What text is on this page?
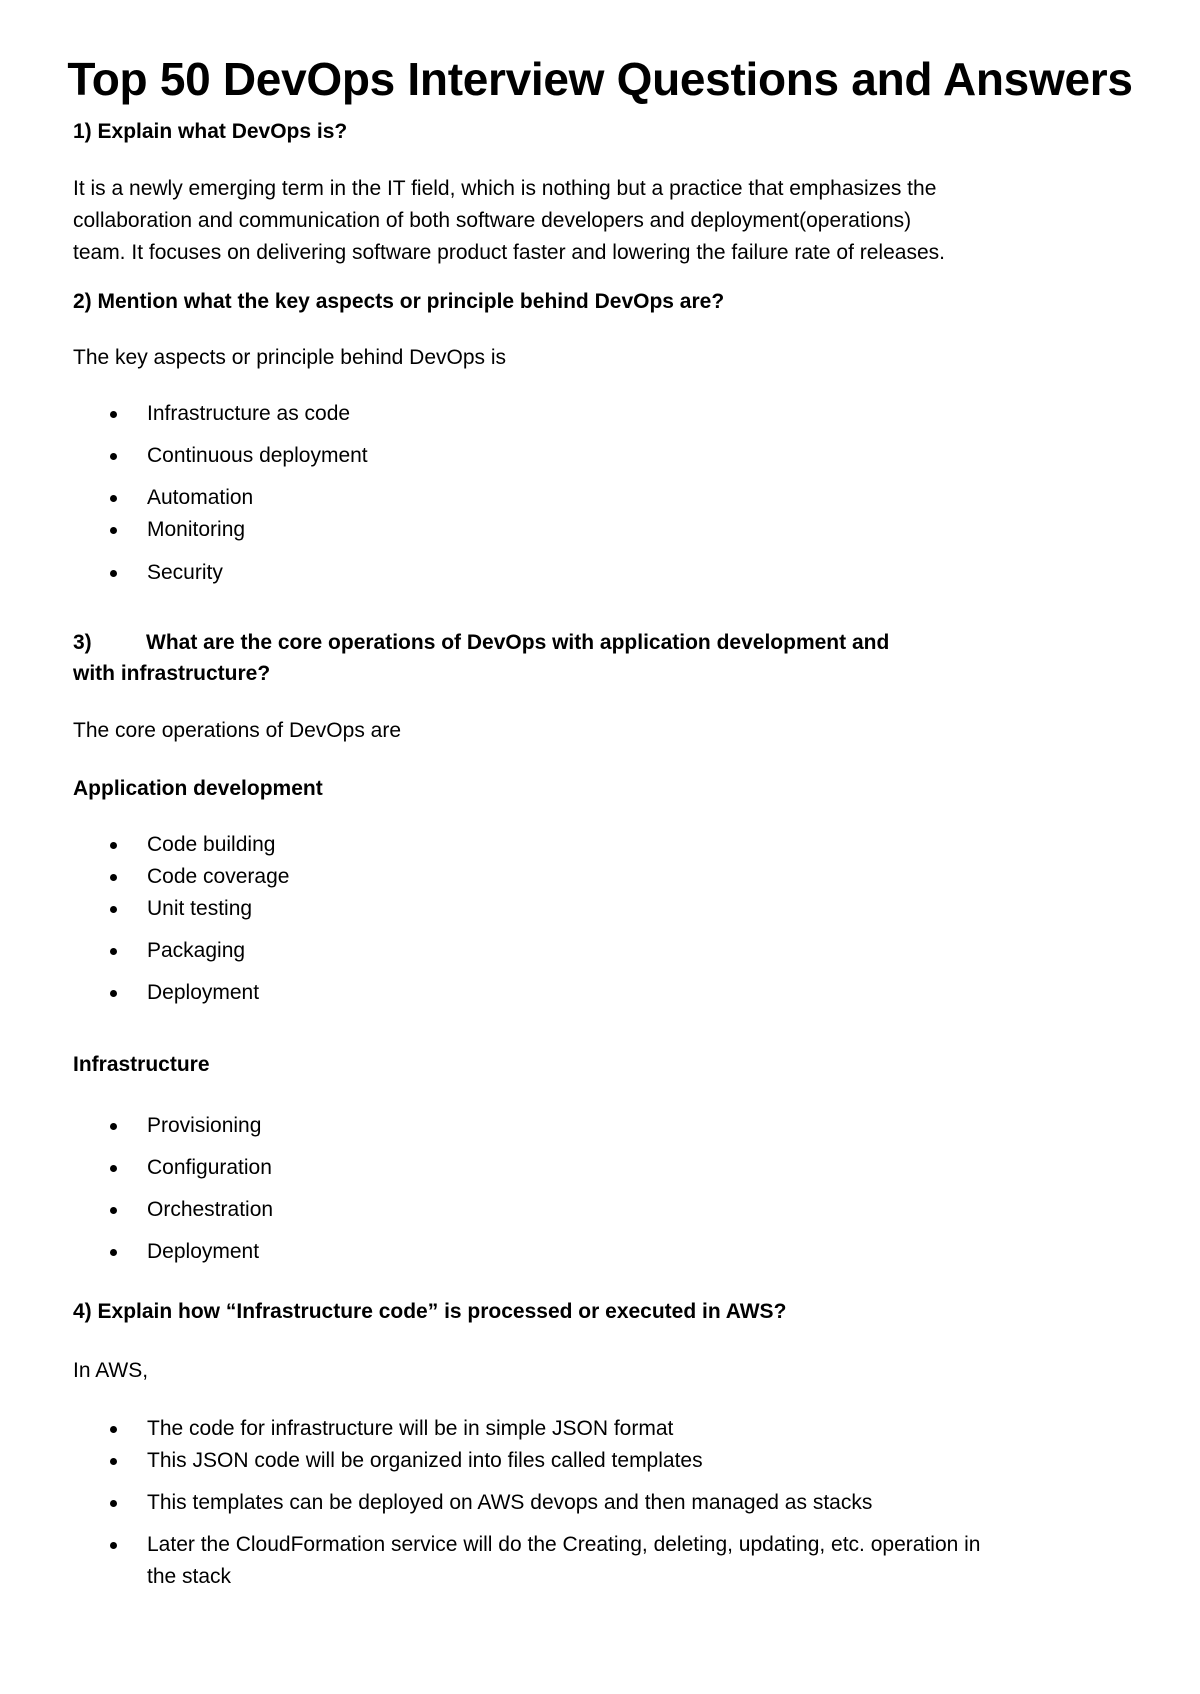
Top 50 DevOps Interview Questions and Answers

1) Explain what DevOps is?

It is a newly emerging term in the IT field, which is nothing but a practice that emphasizes the
collaboration and communication of both software developers and deployment(operations)
team. It focuses on delivering software product faster and lowering the failure rate of releases.

2) Mention what the key aspects or principle behind DevOps are?

The key aspects or principle behind DevOps is

Infrastructure as code
Continuous deployment
Automation
Monitoring
Security

3)	What are the core operations of DevOps with application development and

with infrastructure?

The core operations of DevOps are

Application development

Code building
Code coverage
Unit testing
Packaging
Deployment

Infrastructure

Provisioning
Configuration
Orchestration
Deployment

4) Explain how “Infrastructure code” is processed or executed in AWS?

In AWS,

The code for infrastructure will be in simple JSON format
This JSON code will be organized into files called templates
This templates can be deployed on AWS devops and then managed as stacks
Later the CloudFormation service will do the Creating, deleting, updating, etc. operation in

the stack
